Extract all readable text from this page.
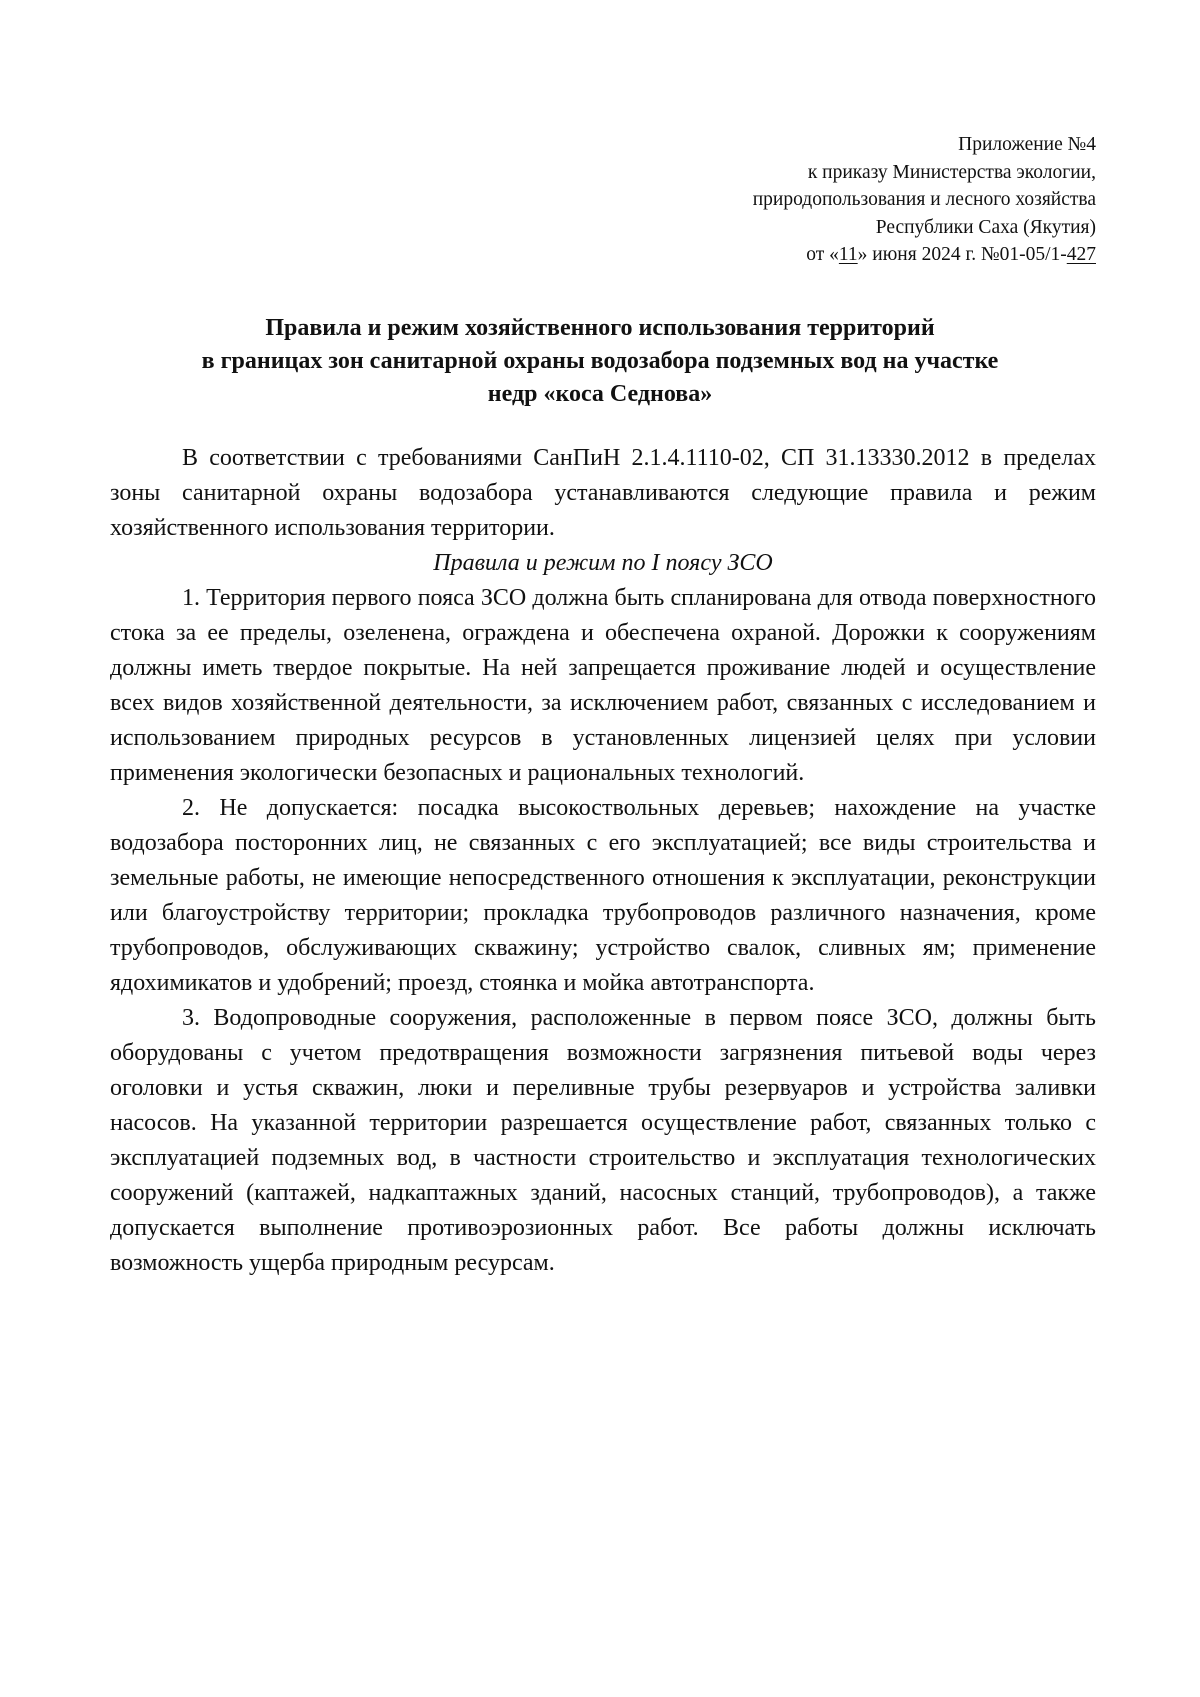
Приложение №4
к приказу Министерства экологии,
природопользования и лесного хозяйства
Республики Саха (Якутия)
от «11» июня 2024 г. №01-05/1-427
Правила и режим хозяйственного использования территорий
в границах зон санитарной охраны водозабора подземных вод на участке
недр «коса Седнова»

В соответствии с требованиями СанПиН 2.1.4.1110-02, СП 31.13330.2012 в пределах зоны санитарной охраны водозабора устанавливаются следующие правила и режим хозяйственного использования территории.

Правила и режим по I поясу ЗСО

1. Территория первого пояса ЗСО должна быть спланирована для отвода поверхностного стока за ее пределы, озеленена, ограждена и обеспечена охраной. Дорожки к сооружениям должны иметь твердое покрытые. На ней запрещается проживание людей и осуществление всех видов хозяйственной деятельности, за исключением работ, связанных с исследованием и использованием природных ресурсов в установленных лицензией целях при условии применения экологически безопасных и рациональных технологий.

2. Не допускается: посадка высокоствольных деревьев; нахождение на участке водозабора посторонних лиц, не связанных с его эксплуатацией; все виды строительства и земельные работы, не имеющие непосредственного отношения к эксплуатации, реконструкции или благоустройству территории; прокладка трубопроводов различного назначения, кроме трубопроводов, обслуживающих скважину; устройство свалок, сливных ям; применение ядохимикатов и удобрений; проезд, стоянка и мойка автотранспорта.

3. Водопроводные сооружения, расположенные в первом поясе ЗСО, должны быть оборудованы с учетом предотвращения возможности загрязнения питьевой воды через оголовки и устья скважин, люки и переливные трубы резервуаров и устройства заливки насосов. На указанной территории разрешается осуществление работ, связанных только с эксплуатацией подземных вод, в частности строительство и эксплуатация технологических сооружений (каптажей, надкаптажных зданий, насосных станций, трубопроводов), а также допускается выполнение противоэрозионных работ. Все работы должны исключать возможность ущерба природным ресурсам.
